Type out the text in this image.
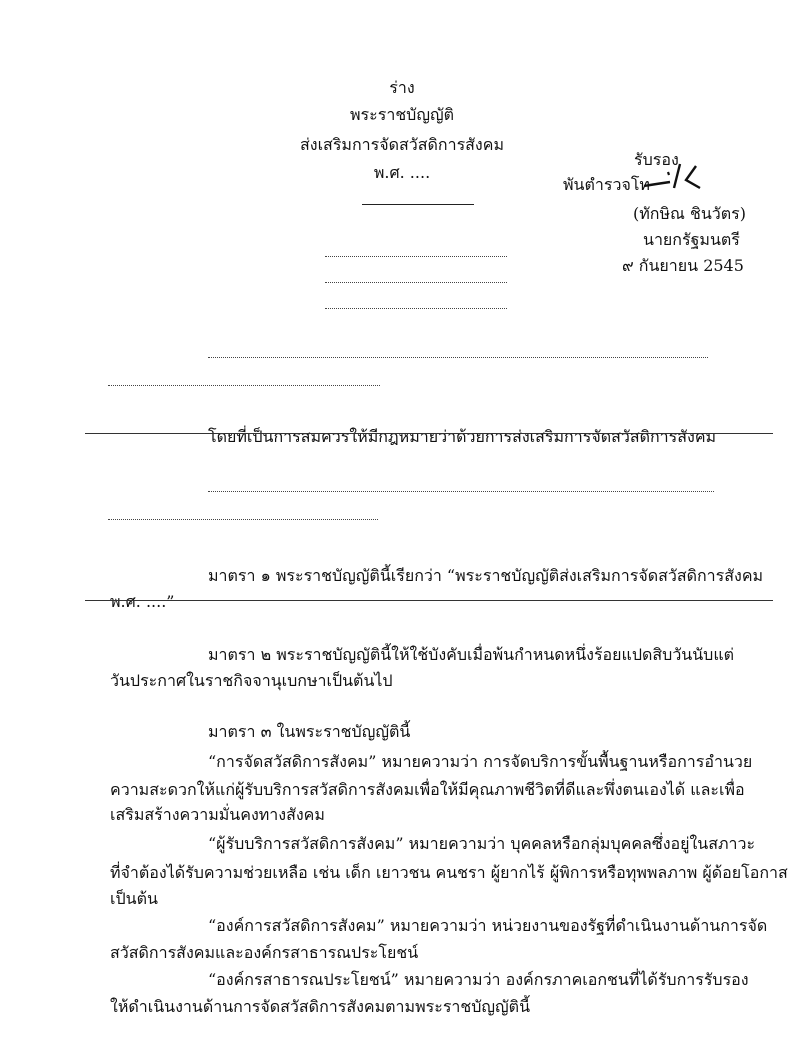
ร่าง
พระราชบัญญัติ
ส่งเสริมการจัดสวัสดิการสังคม
พ.ศ. ....
รับรอง
พันตำรวจโท
(ทักษิณ ชินวัตร)
นายกรัฐมนตรี
๙ กันยายน 2545
โดยที่เป็นการสมควรให้มีกฎหมายว่าด้วยการส่งเสริมการจัดสวัสดิการสังคม
มาตรา ๑ พระราชบัญญัตินี้เรียกว่า “พระราชบัญญัติส่งเสริมการจัดสวัสดิการสังคม
พ.ศ. ....”
มาตรา ๒ พระราชบัญญัตินี้ให้ใช้บังคับเมื่อพ้นกำหนดหนึ่งร้อยแปดสิบวันนับแต่
วันประกาศในราชกิจจานุเบกษาเป็นต้นไป
มาตรา ๓ ในพระราชบัญญัตินี้
“การจัดสวัสดิการสังคม” หมายความว่า การจัดบริการขั้นพื้นฐานหรือการอำนวย
ความสะดวกให้แก่ผู้รับบริการสวัสดิการสังคมเพื่อให้มีคุณภาพชีวิตที่ดีและพึ่งตนเองได้ และเพื่อ
เสริมสร้างความมั่นคงทางสังคม
“ผู้รับบริการสวัสดิการสังคม” หมายความว่า บุคคลหรือกลุ่มบุคคลซึ่งอยู่ในสภาวะ
ที่จำต้องได้รับความช่วยเหลือ เช่น เด็ก เยาวชน คนชรา ผู้ยากไร้ ผู้พิการหรือทุพพลภาพ ผู้ด้อยโอกาส
เป็นต้น
“องค์การสวัสดิการสังคม” หมายความว่า หน่วยงานของรัฐที่ดำเนินงานด้านการจัด
สวัสดิการสังคมและองค์กรสาธารณประโยชน์
“องค์กรสาธารณประโยชน์” หมายความว่า องค์กรภาคเอกชนที่ได้รับการรับรอง
ให้ดำเนินงานด้านการจัดสวัสดิการสังคมตามพระราชบัญญัตินี้
